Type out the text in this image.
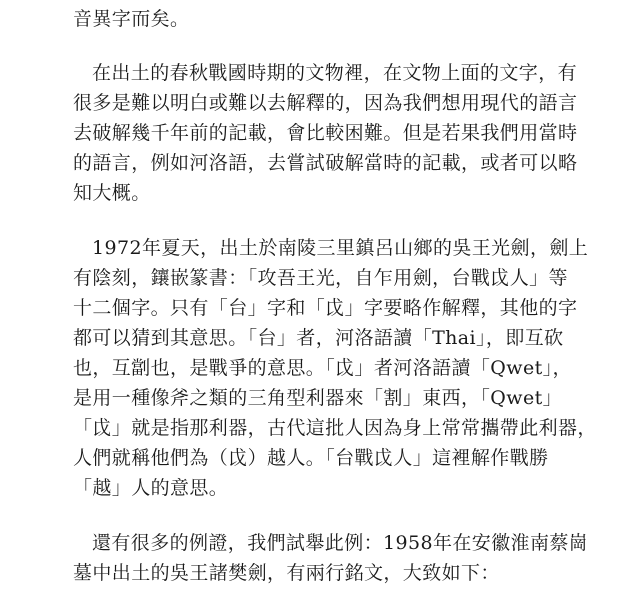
音異字而矣。
在出土的春秋戰國時期的文物裡，在文物上面的文字，有
很多是難以明白或難以去解釋的，因為我們想用現代的語言
去破解幾千年前的記載，會比較困難。但是若果我們用當時
的語言，例如河洛語，去嘗試破解當時的記載，或者可以略
知大概。
1972年夏天，出土於南陵三里鎮呂山鄉的吳王光劍，劍上
有陰刻，鑲嵌篆書：「攻吾王光，自乍用劍，台戰戉人」等
十二個字。只有「台」字和「戉」字要略作解釋，其他的字
都可以猜到其意思。「台」者，河洛語讀「Thai」，即互砍
也，互劏也，是戰爭的意思。「戉」者河洛語讀「Qwet」，
是用一種像斧之類的三角型利器來「割」東西，「Qwet」
「戉」就是指那利器，古代這批人因為身上常常攜帶此利器，
人們就稱他們為（戉）越人。「台戰戉人」這裡解作戰勝
「越」人的意思。
還有很多的例證，我們試舉此例：1958年在安徽淮南蔡崗
墓中出土的吳王諸樊劍，有兩行銘文，大致如下：
